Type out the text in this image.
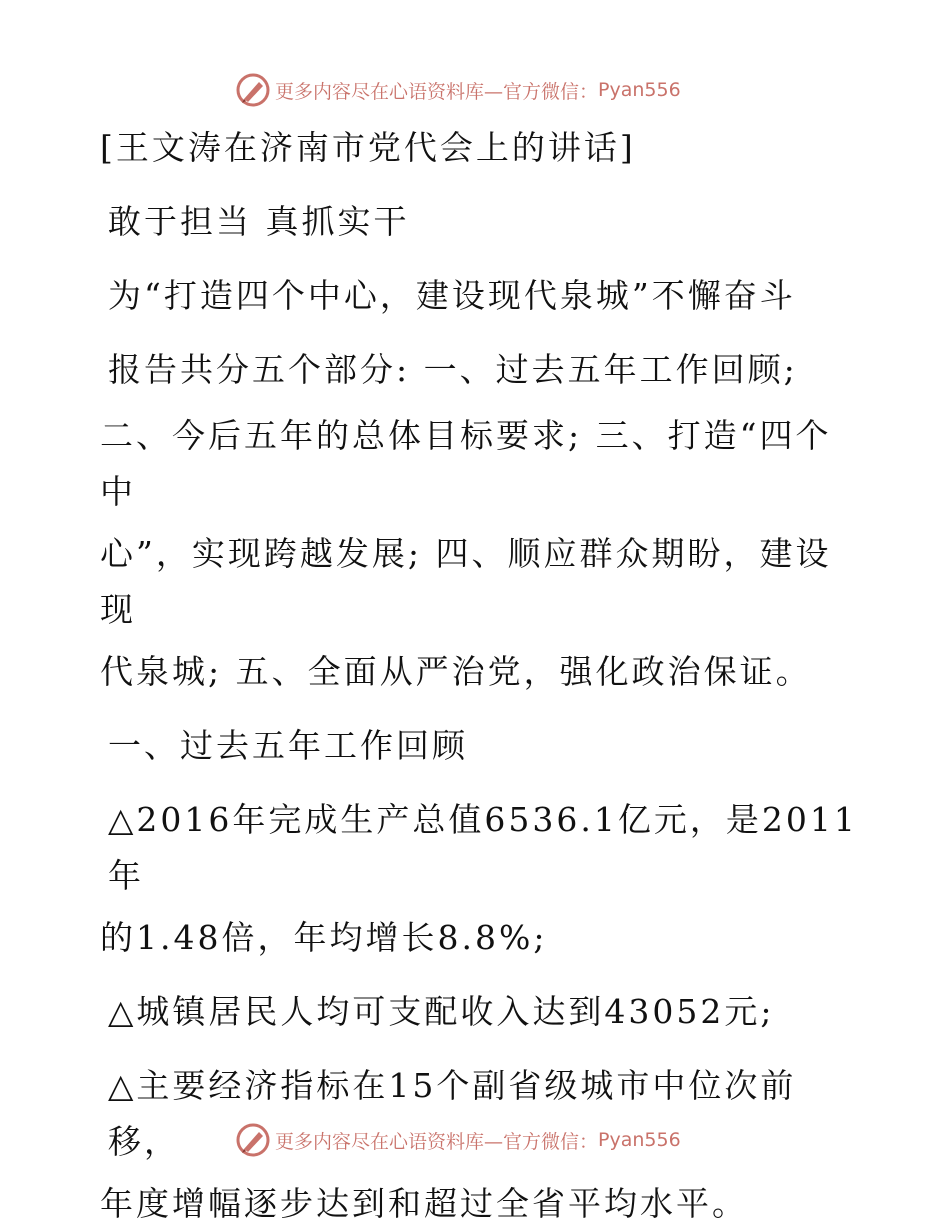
更多内容尽在心语资料库—官方微信： Pyan556
[王文涛在济南市党代会上的讲话]
敢于担当 真抓实干
为“打造四个中心，建设现代泉城”不懈奋斗
报告共分五个部分: 一、过去五年工作回顾;
二、今后五年的总体目标要求; 三、打造“四个中
心”，实现跨越发展; 四、顺应群众期盼，建设现
代泉城; 五、全面从严治党，强化政治保证。
一、过去五年工作回顾
△2016年完成生产总值6536.1亿元，是2011年
的1.48倍，年均增长8.8%;
△城镇居民人均可支配收入达到43052元;
△主要经济指标在15个副省级城市中位次前移，
年度增幅逐步达到和超过全省平均水平。
更多内容尽在心语资料库—官方微信： Pyan556
